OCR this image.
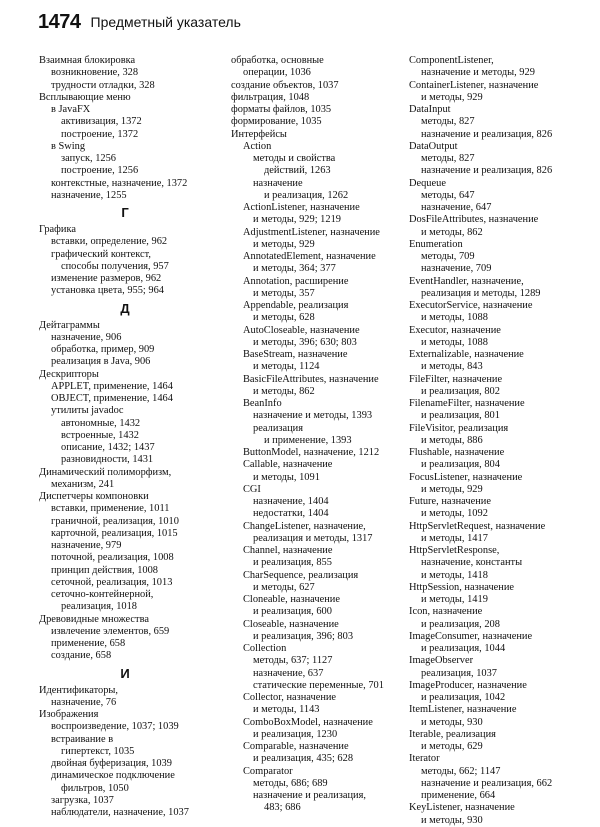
1474 Предметный указатель
Взаимная блокировка
возникновение, 328
трудности отладки, 328
Всплывающие меню
в JavaFX
активизация, 1372
построение, 1372
в Swing
запуск, 1256
построение, 1256
контекстные, назначение, 1372
назначение, 1255
Г
Графика
вставки, определение, 962
графический контекст,
способы получения, 957
изменение размеров, 962
установка цвета, 955; 964
Д
Дейтаграммы
назначение, 906
обработка, пример, 909
реализация в Java, 906
Дескрипторы
APPLET, применение, 1464
OBJECT, применение, 1464
утилиты javadoc
автономные, 1432
встроенные, 1432
описание, 1432; 1437
разновидности, 1431
Динамический полиморфизм,
механизм, 241
Диспетчеры компоновки
вставки, применение, 1011
граничной, реализация, 1010
карточной, реализация, 1015
назначение, 979
поточной, реализация, 1008
принцип действия, 1008
сеточной, реализация, 1013
сеточно-контейнерной,
реализация, 1018
Древовидные множества
извлечение элементов, 659
применение, 658
создание, 658
И
Идентификаторы,
назначение, 76
Изображения
воспроизведение, 1037; 1039
встраивание в
гипертекст, 1035
двойная буферизация, 1039
динамическое подключение
фильтров, 1050
загрузка, 1037
наблюдатели, назначение, 1037
обработка, основные
операции, 1036
создание объектов, 1037
фильтрация, 1048
форматы файлов, 1035
формирование, 1035
Интерфейсы
Action
методы и свойства
действий, 1263
назначение
и реализация, 1262
ActionListener, назначение
и методы, 929; 1219
AdjustmentListener, назначение
и методы, 929
AnnotatedElement, назначение
и методы, 364; 377
Annotation, расширение
и методы, 357
Appendable, реализация
и методы, 628
AutoCloseable, назначение
и методы, 396; 630; 803
BaseStream, назначение
и методы, 1124
BasicFileAttributes, назначение
и методы, 862
BeanInfo
назначение и методы, 1393
реализация
и применение, 1393
ButtonModel, назначение, 1212
Callable, назначение
и методы, 1091
CGI
назначение, 1404
недостатки, 1404
ChangeListener, назначение,
реализация и методы, 1317
Channel, назначение
и реализация, 855
CharSequence, реализация
и методы, 627
Cloneable, назначение
и реализация, 600
Closeable, назначение
и реализация, 396; 803
Collection
методы, 637; 1127
назначение, 637
статические переменные, 701
Collector, назначение
и методы, 1143
ComboBoxModel, назначение
и реализация, 1230
Comparable, назначение
и реализация, 435; 628
Comparator
методы, 686; 689
назначение и реализация,
483; 686
ComponentListener,
назначение и методы, 929
ContainerListener, назначение
и методы, 929
DataInput
методы, 827
назначение и реализация, 826
DataOutput
методы, 827
назначение и реализация, 826
Dequeue
методы, 647
назначение, 647
DosFileAttributes, назначение
и методы, 862
Enumeration
методы, 709
назначение, 709
EventHandler, назначение,
реализация и методы, 1289
ExecutorService, назначение
и методы, 1088
Executor, назначение
и методы, 1088
Externalizable, назначение
и методы, 843
FileFilter, назначение
и реализация, 802
FilenameFilter, назначение
и реализация, 801
FileVisitor, реализация
и методы, 886
Flushable, назначение
и реализация, 804
FocusListener, назначение
и методы, 929
Future, назначение
и методы, 1092
HttpServletRequest, назначение
и методы, 1417
HttpServletResponse,
назначение, константы
и методы, 1418
HttpSession, назначение
и методы, 1419
Icon, назначение
и реализация, 208
ImageConsumer, назначение
и реализация, 1044
ImageObserver
реализация, 1037
ImageProducer, назначение
и реализация, 1042
ItemListener, назначение
и методы, 930
Iterable, реализация
и методы, 629
Iterator
методы, 662; 1147
назначение и реализация, 662
применение, 664
KeyListener, назначение
и методы, 930
